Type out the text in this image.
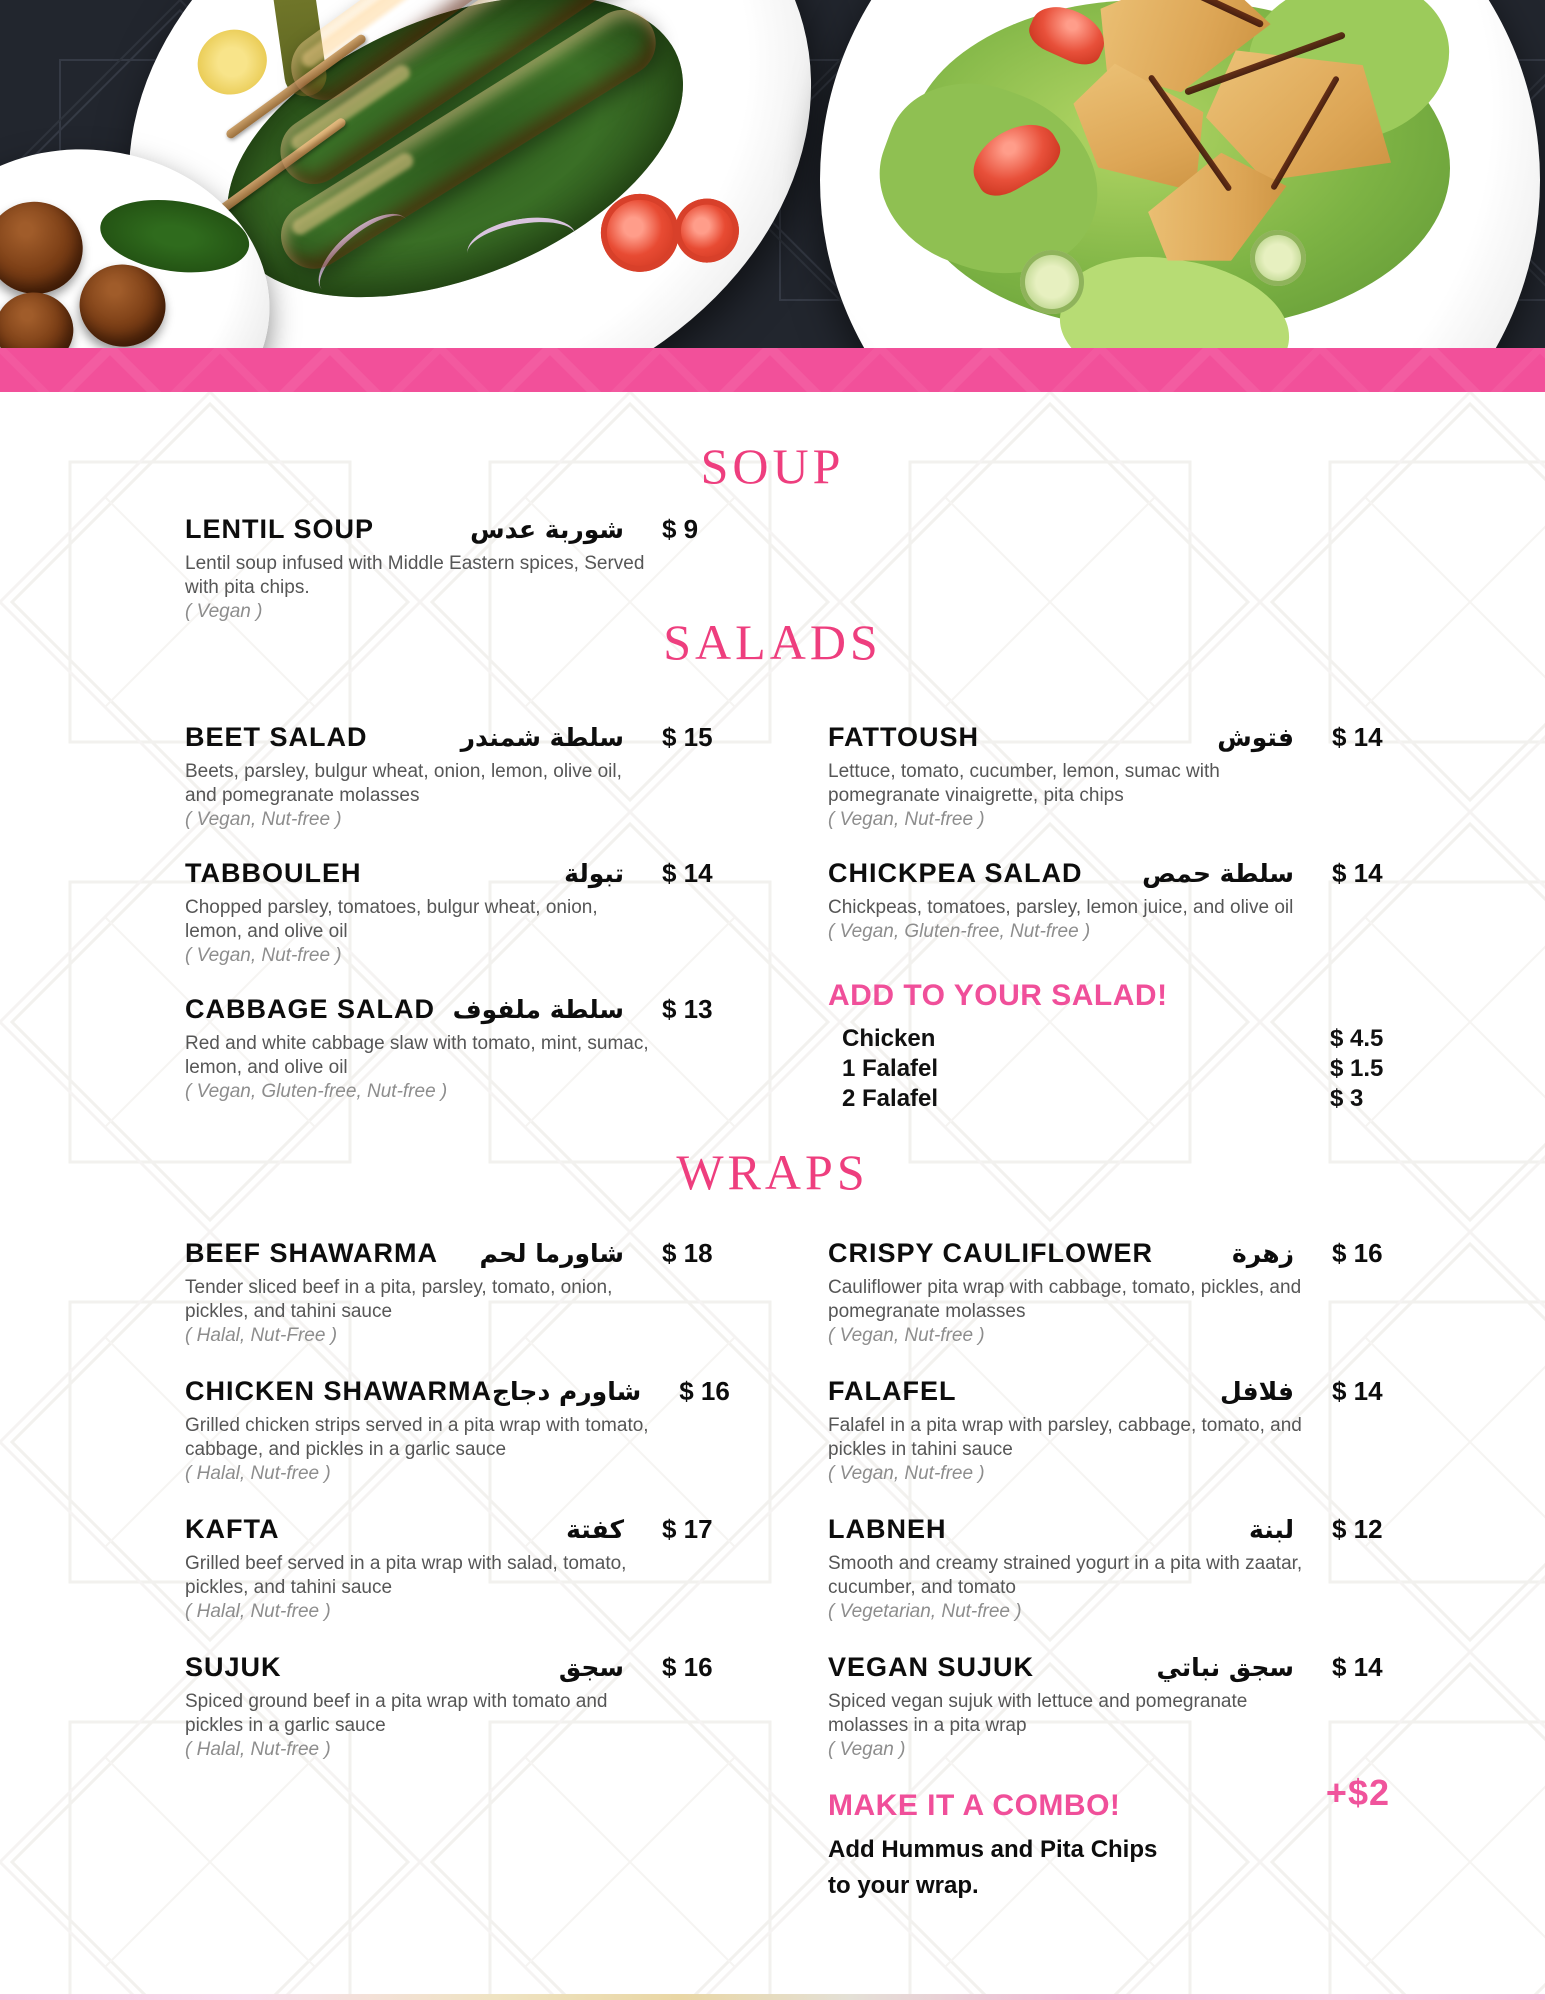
SOUP
LENTIL SOUP	شوربة عدس $ 9

Lentil soup infused with Middle Eastern spices, Served with pita chips.

( Vegan )

SALADS
BEET SALAD	سلطة شمندر $ 15

Beets, parsley, bulgur wheat, onion, lemon, olive oil, and pomegranate molasses

( Vegan, Nut-free )

TABBOULEH	تبولة $ 14

Chopped parsley, tomatoes, bulgur wheat, onion, lemon, and olive oil

( Vegan, Nut-free )

CABBAGE SALAD سلطة ملفوف $ 13

Red and white cabbage slaw with tomato, mint, sumac, lemon, and olive oil

( Vegan, Gluten-free, Nut-free )

FATTOUSH	فتوش $ 14

Lettuce, tomato, cucumber, lemon, sumac with pomegranate vinaigrette, pita chips

( Vegan, Nut-free )

CHICKPEA SALAD سلطة حمص $ 14

Chickpeas, tomatoes, parsley, lemon juice, and olive oil

( Vegan, Gluten-free, Nut-free )

ADD TO YOUR SALAD!
Chicken	$ 4.5
1 Falafel	$ 1.5
2 Falafel	$ 3
WRAPS
BEEF SHAWARMA شاورما لحم $ 18

Tender sliced beef in a pita, parsley, tomato, onion, pickles, and tahini sauce

( Halal, Nut-Free )

CHICKEN SHAWARMA شاورم دجاج $ 16

Grilled chicken strips served in a pita wrap with tomato, cabbage, and pickles in a garlic sauce

( Halal, Nut-free )

KAFTA	كفتة $ 17

Grilled beef served in a pita wrap with salad, tomato, pickles, and tahini sauce

( Halal, Nut-free )

SUJUK	سجق $ 16

Spiced ground beef in a pita wrap with tomato and pickles in a garlic sauce

( Halal, Nut-free )

CRISPY CAULIFLOWER	زهرة $ 16

Cauliflower pita wrap with cabbage, tomato, pickles, and pomegranate molasses

( Vegan, Nut-free )

FALAFEL	فلافل $ 14

Falafel in a pita wrap with parsley, cabbage, tomato, and pickles in tahini sauce

( Vegan, Nut-free )

LABNEH	لبنة $ 12

Smooth and creamy strained yogurt in a pita with zaatar, cucumber, and tomato

( Vegetarian, Nut-free )

VEGAN SUJUK	سجق نباتي $ 14

Spiced vegan sujuk with lettuce and pomegranate molasses in a pita wrap

( Vegan )

+$2
MAKE IT A COMBO!

Add Hummus and Pita Chips

to your wrap.
